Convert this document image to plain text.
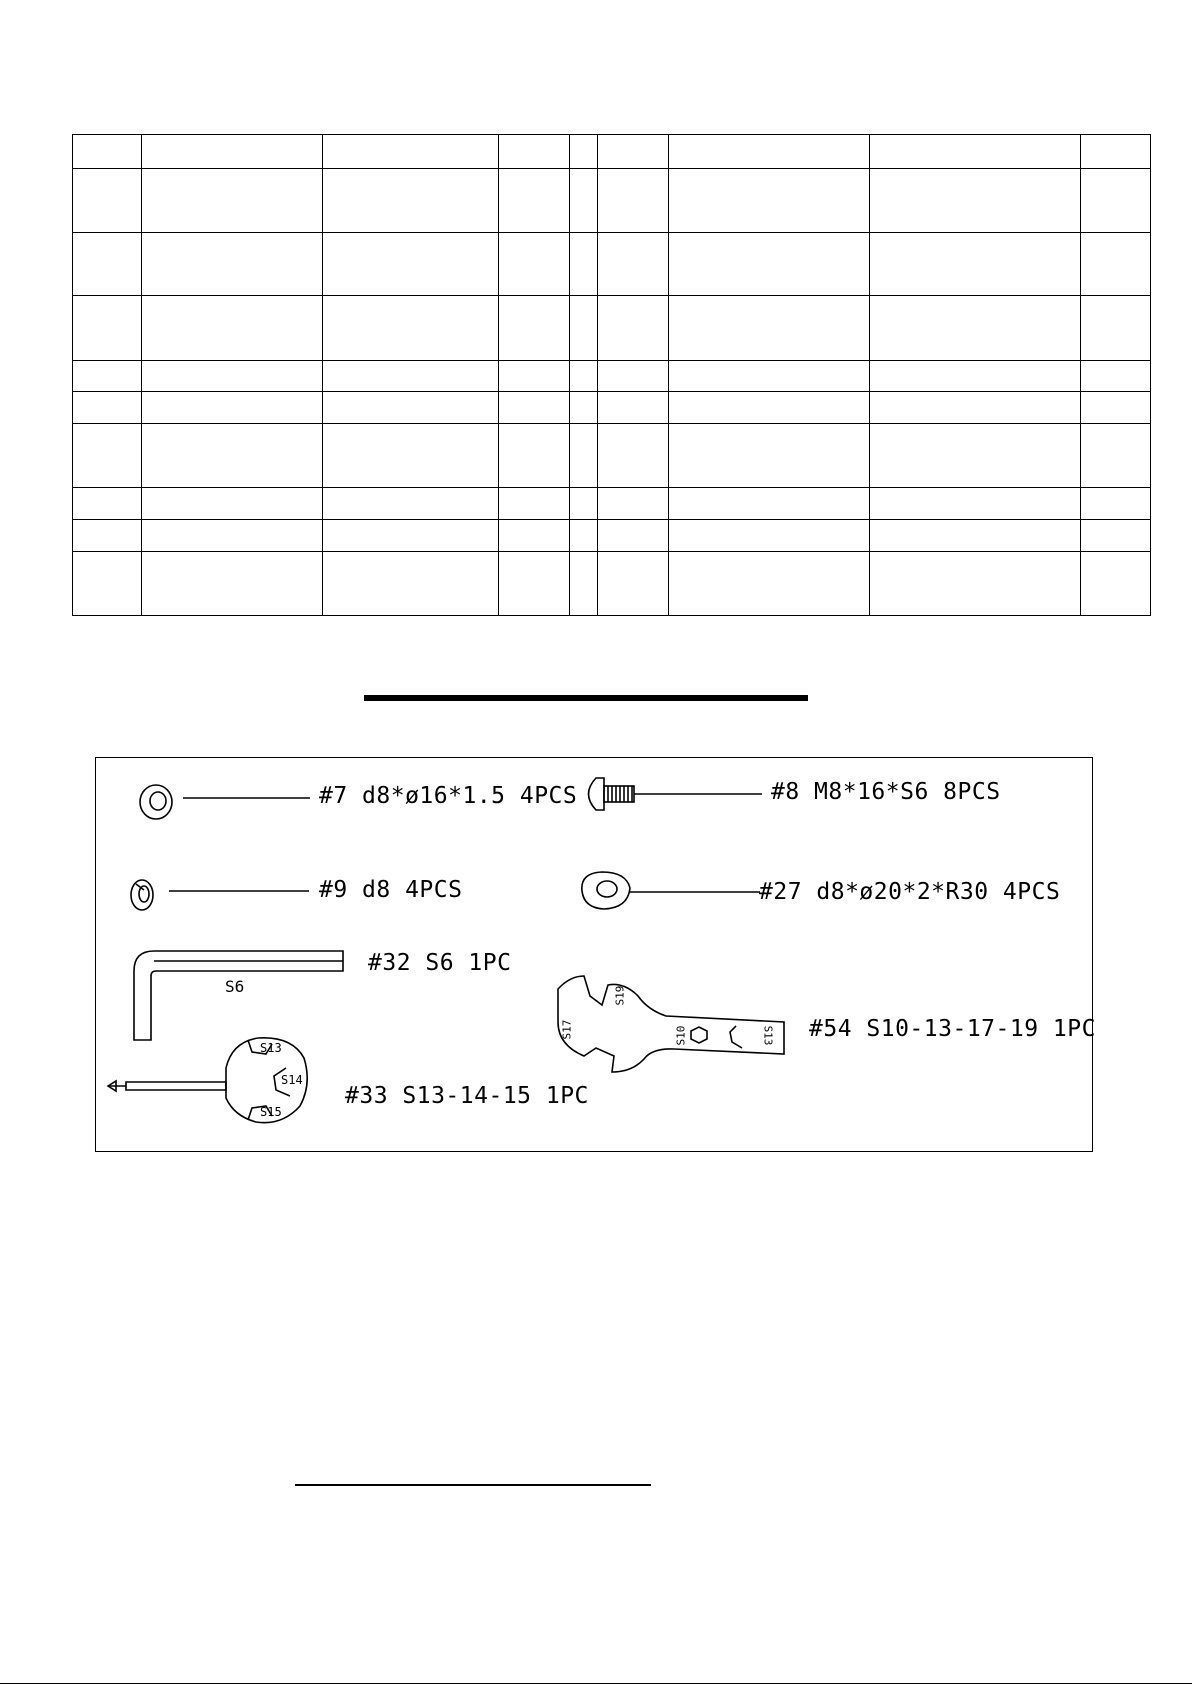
#7 d8*ø16*1.5 4PCS	#8 M8*16*S6 8PCS
#9 d8 4PCS	#27 d8*ø20*2*R30 4PCS
#32 S6 1PC
#54 S10-13-17-19 1PC
#33 S13-14-15 1PC
S6	S19
S17	S10	S13
S13
S14
S15
